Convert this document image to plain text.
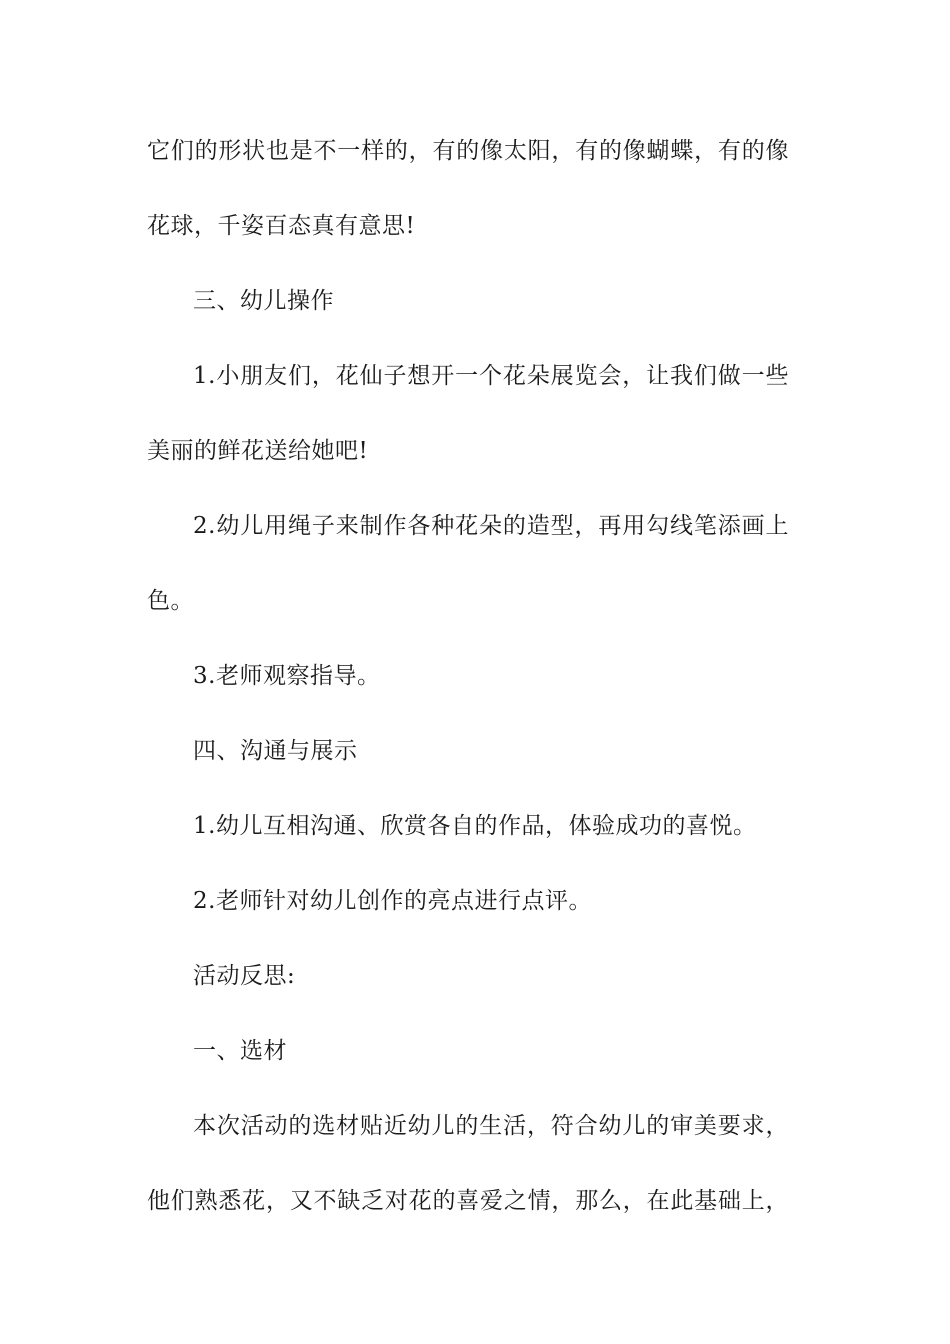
它们的形状也是不一样的，有的像太阳，有的像蝴蝶，有的像

花球，千姿百态真有意思!

三、幼儿操作

1.小朋友们，花仙子想开一个花朵展览会，让我们做一些

美丽的鲜花送给她吧!

2.幼儿用绳子来制作各种花朵的造型，再用勾线笔添画上

色。

3.老师观察指导。

四、沟通与展示

1.幼儿互相沟通、欣赏各自的作品，体验成功的喜悦。

2.老师针对幼儿创作的亮点进行点评。

活动反思:

一、选材

本次活动的选材贴近幼儿的生活，符合幼儿的审美要求，

他们熟悉花，又不缺乏对花的喜爱之情，那么，在此基础上，
